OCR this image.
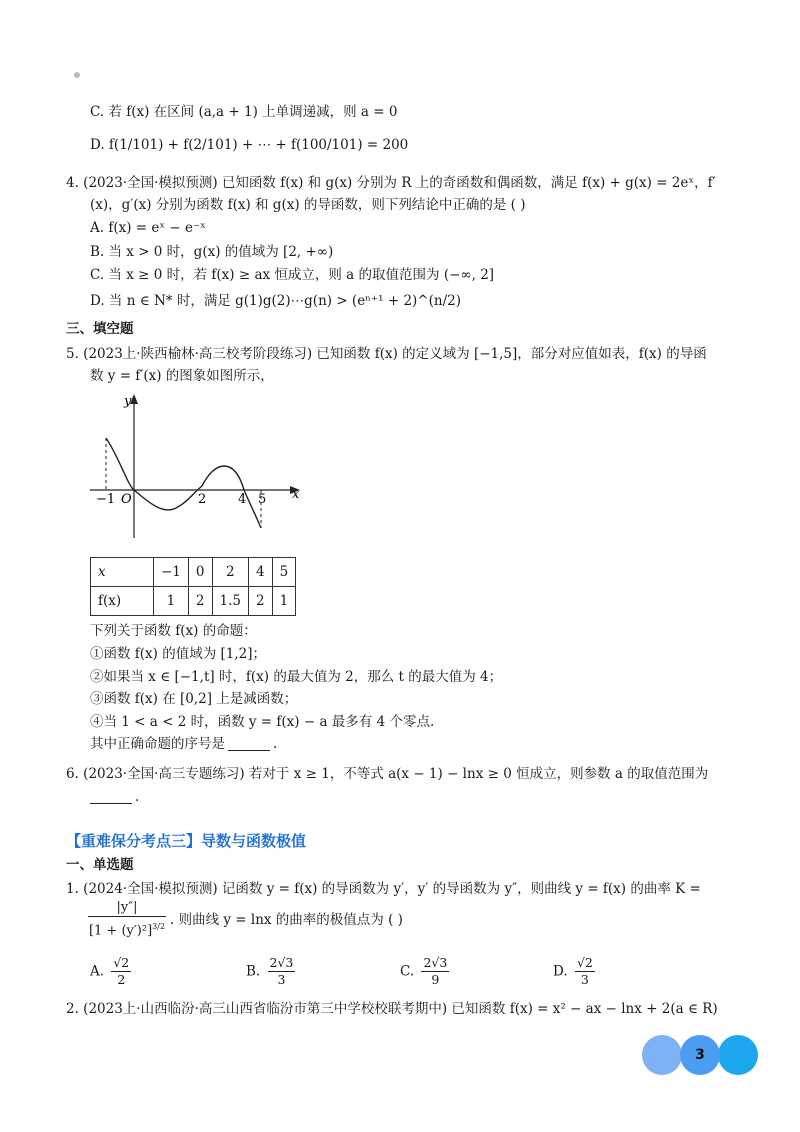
C. 若 f(x) 在区间 (a,a + 1) 上单调递减，则 a = 0
D. f(1/101) + f(2/101) + ⋯ + f(100/101) = 200
4. (2023·全国·模拟预测) 已知函数 f(x) 和 g(x) 分别为 R 上的奇函数和偶函数，满足 f(x) + g(x) = 2eˣ，f′
(x)，g′(x) 分别为函数 f(x) 和 g(x) 的导函数，则下列结论中正确的是 ( )
A. f(x) = eˣ − e⁻ˣ
B. 当 x > 0 时，g(x) 的值域为 [2, +∞)
C. 当 x ≥ 0 时，若 f(x) ≥ ax 恒成立，则 a 的取值范围为 (−∞, 2]
D. 当 n ∈ N* 时，满足 g(1)g(2)⋯g(n) > (eⁿ⁺¹ + 2)^(n/2)
三、填空题
5. (2023上·陕西榆林·高三校考阶段练习) 已知函数 f(x) 的定义域为 [−1,5]，部分对应值如表，f(x) 的导函
数 y = f′(x) 的图象如图所示，
y
x
O
−1	2 4 5
x	−1	0	2	4	5
f(x)	1	2	1.5	2	1
下列关于函数 f(x) 的命题：
①函数 f(x) 的值域为 [1,2]；
②如果当 x ∈ [−1,t] 时，f(x) 的最大值为 2，那么 t 的最大值为 4；
③函数 f(x) 在 [0,2] 上是减函数；
④当 1 < a < 2 时，函数 y = f(x) − a 最多有 4 个零点.
其中正确命题的序号是	.
6. (2023·全国·高三专题练习) 若对于 x ≥ 1，不等式 a(x − 1) − lnx ≥ 0 恒成立，则参数 a 的取值范围为
.
【重难保分考点三】导数与函数极值
一、单选题
1. (2024·全国·模拟预测) 记函数 y = f(x) 的导函数为 y′，y′ 的导函数为 y″，则曲线 y = f(x) 的曲率 K =
|y″|
$[1 + (y')^2]^{3/2}$ . 则曲线 y = lnx 的曲率的极值点为 ( )
A. $\frac{√2}{2}$	B. $\frac{2√3}{3}$	C. $\frac{2√3}{9}$	D. $\frac{√2}{3}$
2. (2023上·山西临汾·高三山西省临汾市第三中学校校联考期中) 已知函数 f(x) = x² − ax − lnx + 2(a ∈ R)
3
